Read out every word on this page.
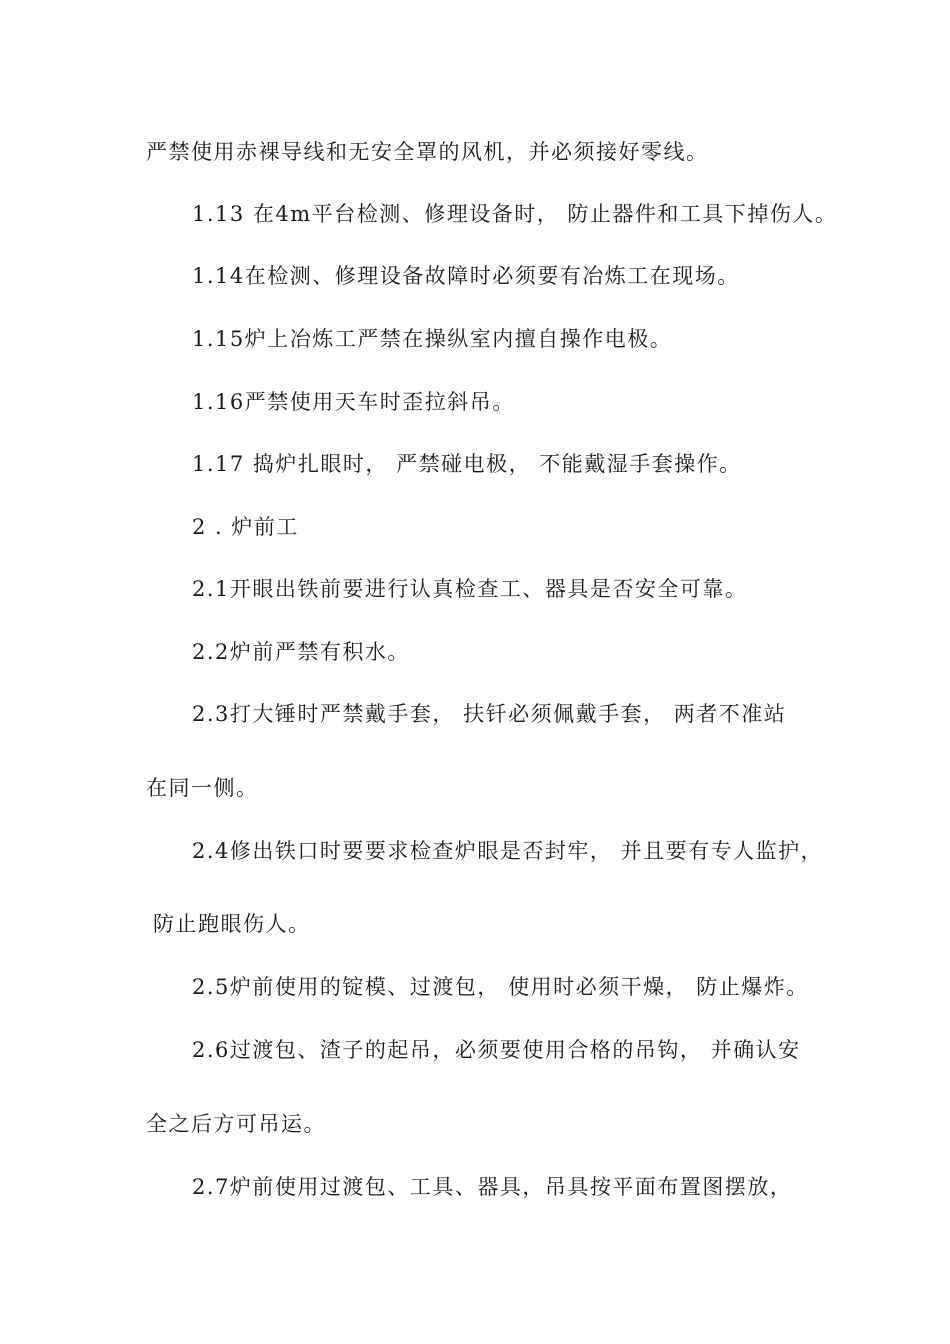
严禁使用赤裸导线和无安全罩的风机，并必须接好零线。
1.13 在4m平台检测、修理设备时， 防止器件和工具下掉伤人。
1.14在检测、修理设备故障时必须要有冶炼工在现场。
1.15炉上冶炼工严禁在操纵室内擅自操作电极。
1.16严禁使用天车时歪拉斜吊。
1.17 捣炉扎眼时， 严禁碰电极， 不能戴湿手套操作。
2 . 炉前工
2.1开眼出铁前要进行认真检查工、器具是否安全可靠。
2.2炉前严禁有积水。
2.3打大锤时严禁戴手套， 扶钎必须佩戴手套， 两者不准站
在同一侧。
2.4修出铁口时要要求检查炉眼是否封牢， 并且要有专人监护，
防止跑眼伤人。
2.5炉前使用的锭模、过渡包， 使用时必须干燥， 防止爆炸。
2.6过渡包、渣子的起吊，必须要使用合格的吊钩， 并确认安
全之后方可吊运。
2.7炉前使用过渡包、工具、器具，吊具按平面布置图摆放，
